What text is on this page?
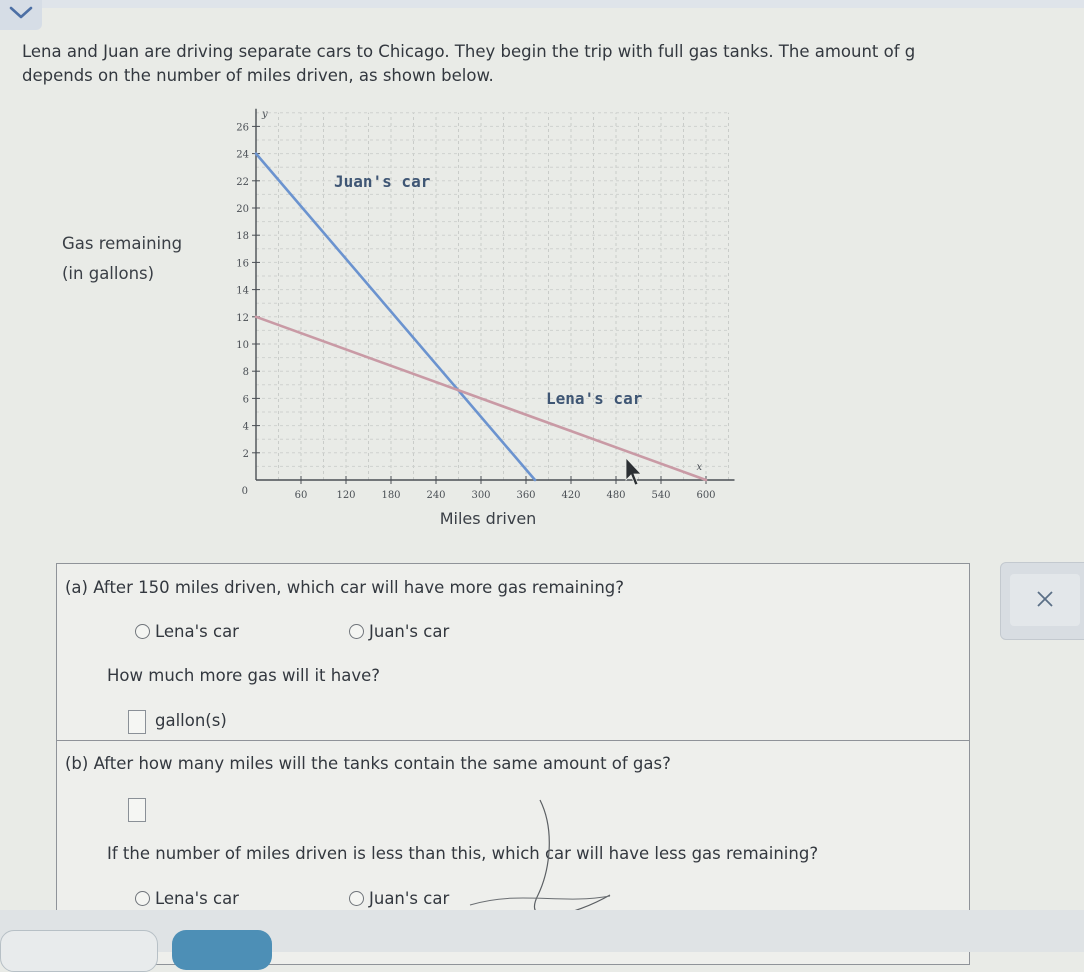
Lena and Juan are driving separate cars to Chicago. They begin the trip with full gas tanks. The amount of g
depends on the number of miles driven, as shown below.
Gas remaining
(in gallons)
60	120	180	240	300	360	420	480	540	600
2
4
6
8
10
12
14
16
18
20
22
24
26
0
y
x
Juan's car
Lena's car
Miles driven
(a) After 150 miles driven, which car will have more gas remaining?
Lena's car	Juan's car
How much more gas will it have?
gallon(s)
(b) After how many miles will the tanks contain the same amount of gas?
If the number of miles driven is less than this, which car will have less gas remaining?
Lena's car	Juan's car
